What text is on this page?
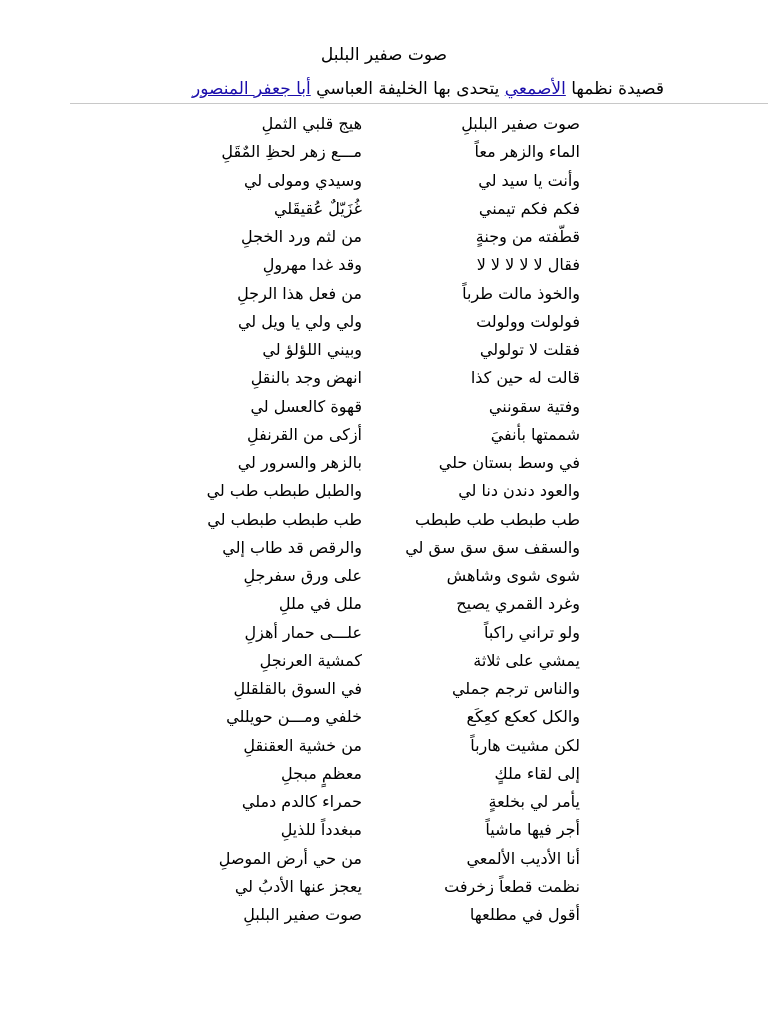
صوت صفير البلبل
قصيدة نظمها الأصمعي يتحدى بها الخليفة العباسي أبا جعفر المنصور
صوت صفير البلبلِ
هيج قلبي الثملِ
الماء والزهر معاً
مـــع زهر لحظِ المٌقَلِ
وأنت يا سيد لي
وسيدي ومولى لي
فكم فكم تيمني
غُزَيّلٌ عُقيقَلي
قطّفته من وجنةٍ
من لثم ورد الخجلِ
فقال لا لا لا لا لا
وقد غدا مهرولِ
والخوذ مالت طرباً
من فعل هذا الرجلِ
فولولت وولولت
ولي ولي يا ويل لي
فقلت لا تولولي
وبيني اللؤلؤ لي
قالت له حين كذا
انهض وجد بالنقلِ
وفتية سقونني
قهوة كالعسل لي
شممتها بأنفيَ
أزكى من القرنفلِ
في وسط بستان حلي
بالزهر والسرور لي
والعود دندن دنا لي
والطبل طبطب طب لي
طب طبطب طب طبطب
طب طبطب طبطب لي
والسقف سق سق سق لي
والرقص قد طاب إلي
شوى شوى وشاهش
على ورق سفرجلِ
وغرد القمري يصيح
ملل في مللِ
ولو تراني راكباً
علـــى حمار أهزلِ
يمشي على ثلاثة
كمشية العرنجلِ
والناس ترجم جملي
في السوق بالقلقللِ
والكل كعكع كعِكَع
خلفي ومـــن حويللي
لكن مشيت هارباً
من خشية العقنقلِ
إلى لقاء ملكٍ
معظمٍ مبجلِ
يأمر لي بخلعةٍ
حمراء كالدم دملي
أجر فيها ماشياً
مبغدداً للذيلِ
أنا الأديب الألمعي
من حي أرض الموصلِ
نظمت قطعاً زخرفت
يعجز عنها الأدبُ لي
أقول في مطلعها
صوت صفير البلبلِ
